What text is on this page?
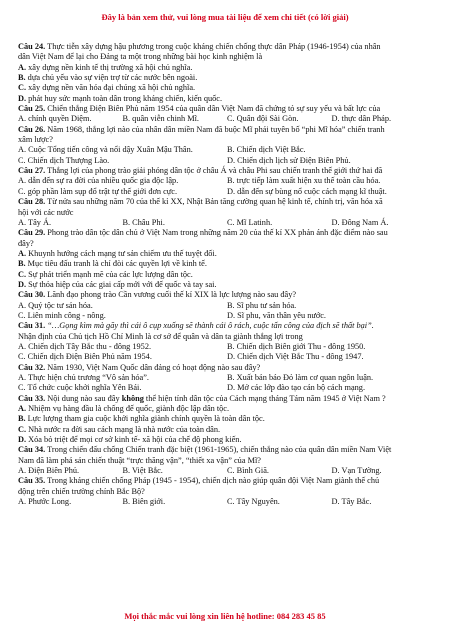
Đây là bản xem thử, vui lòng mua tài liệu để xem chi tiết (có lời giải)
Câu 24. Thực tiễn xây dựng hậu phương trong cuộc kháng chiến chống thực dân Pháp (1946-1954) của nhân
dân Việt Nam để lại cho Đảng ta một trong những bài học kinh nghiệm là
A. xây dựng nền kinh tế thị trường xã hội chủ nghĩa.
B. dựa chủ yếu vào sự viện trợ từ các nước bên ngoài.
C. xây dựng nền văn hóa đại chúng xã hội chủ nghĩa.
D. phát huy sức mạnh toàn dân trong kháng chiến, kiến quốc.
Câu 25. Chiến thắng Điện Biên Phủ năm 1954 của quân dân Việt Nam đã chứng tỏ sự suy yếu và bất lực của
A. chính quyền Diệm.	B. quân viễn chinh Mĩ.	C. Quân đội Sài Gòn.	D. thực dân Pháp.
Câu 26. Năm 1968, thắng lợi nào của nhân dân miền Nam đã buộc Mĩ phải tuyên bố “phi Mĩ hóa” chiến tranh
xâm lược?
A. Cuộc Tổng tiến công và nổi dậy Xuân Mậu Thân.	B. Chiến dịch Việt Bắc.
C. Chiến dịch Thượng Lào.	D. Chiến dịch lịch sử Điện Biên Phủ.
Câu 27. Thắng lợi của phong trào giải phóng dân tộc ở châu Á và châu Phi sau chiến tranh thế giới thứ hai đã
A. dẫn đến sự ra đời của nhiều quốc gia độc lập.	B. trực tiếp làm xuất hiện xu thế toàn cầu hóa.
C. góp phần làm sụp đổ trật tự thế giới đơn cực.	D. dẫn đến sự bùng nổ cuộc cách mạng kĩ thuật.
Câu 28. Từ nửa sau những năm 70 của thế kỉ XX, Nhật Bản tăng cường quan hệ kinh tế, chính trị, văn hóa xã
hội với các nước
A. Tây Á.	B. Châu Phi.	C. Mĩ Latinh.	D. Đông Nam Á.
Câu 29. Phong trào dân tộc dân chủ ở Việt Nam trong những năm 20 của thế kỉ XX phản ánh đặc điểm nào sau
đây?
A. Khuynh hướng cách mạng tư sản chiếm ưu thế tuyệt đối.
B. Mục tiêu đấu tranh là chỉ đòi các quyền lợi về kinh tế.
C. Sự phát triển mạnh mẽ của các lực lượng dân tộc.
D. Sự thỏa hiệp của các giai cấp mới với đế quốc và tay sai.
Câu 30. Lãnh đạo phong trào Cần vương cuối thế kỉ XIX là lực lượng nào sau đây?
A. Quý tộc tư sản hóa.	B. Sĩ phu tư sản hóa.
C. Liên minh công - nông.	D. Sĩ phu, văn thân yêu nước.
Câu 31. “…Gọng kìm mà gãy thì cái ô cụp xuống sẽ thành cái ô rách, cuộc tấn công của địch sẽ thất bại”.
Nhận định của Chủ tịch Hồ Chí Minh là cơ sở để quân và dân ta giành thắng lợi trong
A. Chiến dịch Tây Bắc thu - đông 1952.	B. Chiến dịch Biên giới Thu - đông 1950.
C. Chiến dịch Điện Biên Phủ năm 1954.	D. Chiến dịch Việt Bắc Thu - đông 1947.
Câu 32. Năm 1930, Việt Nam Quốc dân đảng có hoạt động nào sau đây?
A. Thực hiện chủ trương “Vô sản hóa”.	B. Xuất bản báo Đỏ làm cơ quan ngôn luận.
C. Tổ chức cuộc khởi nghĩa Yên Bái.	D. Mở các lớp đào tạo cán bộ cách mạng.
Câu 33. Nội dung nào sau đây không thể hiện tính dân tộc của Cách mạng tháng Tám năm 1945 ở Việt Nam ?
A. Nhiệm vụ hàng đầu là chống đế quốc, giành độc lập dân tộc.
B. Lực lượng tham gia cuộc khởi nghĩa giành chính quyền là toàn dân tộc.
C. Nhà nước ra đời sau cách mạng là nhà nước của toàn dân.
D. Xóa bỏ triệt để mọi cơ sở kinh tế- xã hội của chế độ phong kiến.
Câu 34. Trong chiến đấu chống Chiến tranh đặc biệt (1961-1965), chiến thắng nào của quân dân miền Nam Việt
Nam đã làm phá sản chiến thuật “trực thăng vận”, “thiết xa vận” của Mĩ?
A. Điện Biên Phủ.	B. Việt Bắc.	C. Bình Giã.	D. Vạn Tường.
Câu 35. Trong kháng chiến chống Pháp (1945 - 1954), chiến dịch nào giúp quân đội Việt Nam giành thế chủ
động trên chiến trường chính Bắc Bộ?
A. Phước Long.	B. Biên giới.	C. Tây Nguyên.	D. Tây Bắc.
Mọi thắc mắc vui lòng xin liên hệ hotline: 084 283 45 85
